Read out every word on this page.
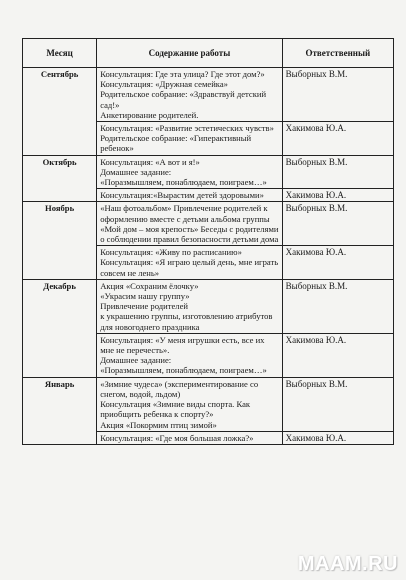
Месяц	Содержание работы	Ответственный
Сентябрь	Консультация: Где эта улица? Где этот дом?»
Консультация: «Дружная семейка»
Родительское собрание: «Здравствуй детский сад!»
Анкетирование родителей.	Выборных В.М.

	Консультация: «Развитие эстетических чувств»
Родительское собрание: «Гиперактивный ребенок»	Хакимова Ю.А.
Октябрь	Консультация: «А вот и я!»
Домашнее задание:
«Поразмышляем, понаблюдаем, поиграем…»	Выборных В.М.

	Консультация:«Вырастим детей здоровыми»	Хакимова Ю.А.
Ноябрь	«Наш фотоальбом» Привлечение родителей к оформлению вместе с детьми альбома группы
«Мой дом – моя крепость» Беседы с родителями о соблюдении правил безопасности детьми дома	Выборных В.М.

	Консультация: «Живу по расписанию»
Консультация: «Я играю целый день, мне играть совсем не лень»	Хакимова Ю.А.
Декабрь	Акция «Сохраним ёлочку»
«Украсим нашу группу»
Привлечение родителей
к украшению группы, изготовлению атрибутов для новогоднего праздника	Выборных В.М.

	Консультация: «У меня игрушки есть, все их мне не перечесть».
Домашнее задание:
«Поразмышляем, понаблюдаем, поиграем…»	Хакимова Ю.А.
Январь	«Зимние чудеса» (экспериментирование со снегом, водой, льдом)
Консультация «Зимние виды спорта. Как приобщить ребенка к спорту?»
Акция «Покормим птиц зимой»	Выборных В.М.

	Консультация: «Где моя большая ложка?»	Хакимова Ю.А.
MAAM.RU
